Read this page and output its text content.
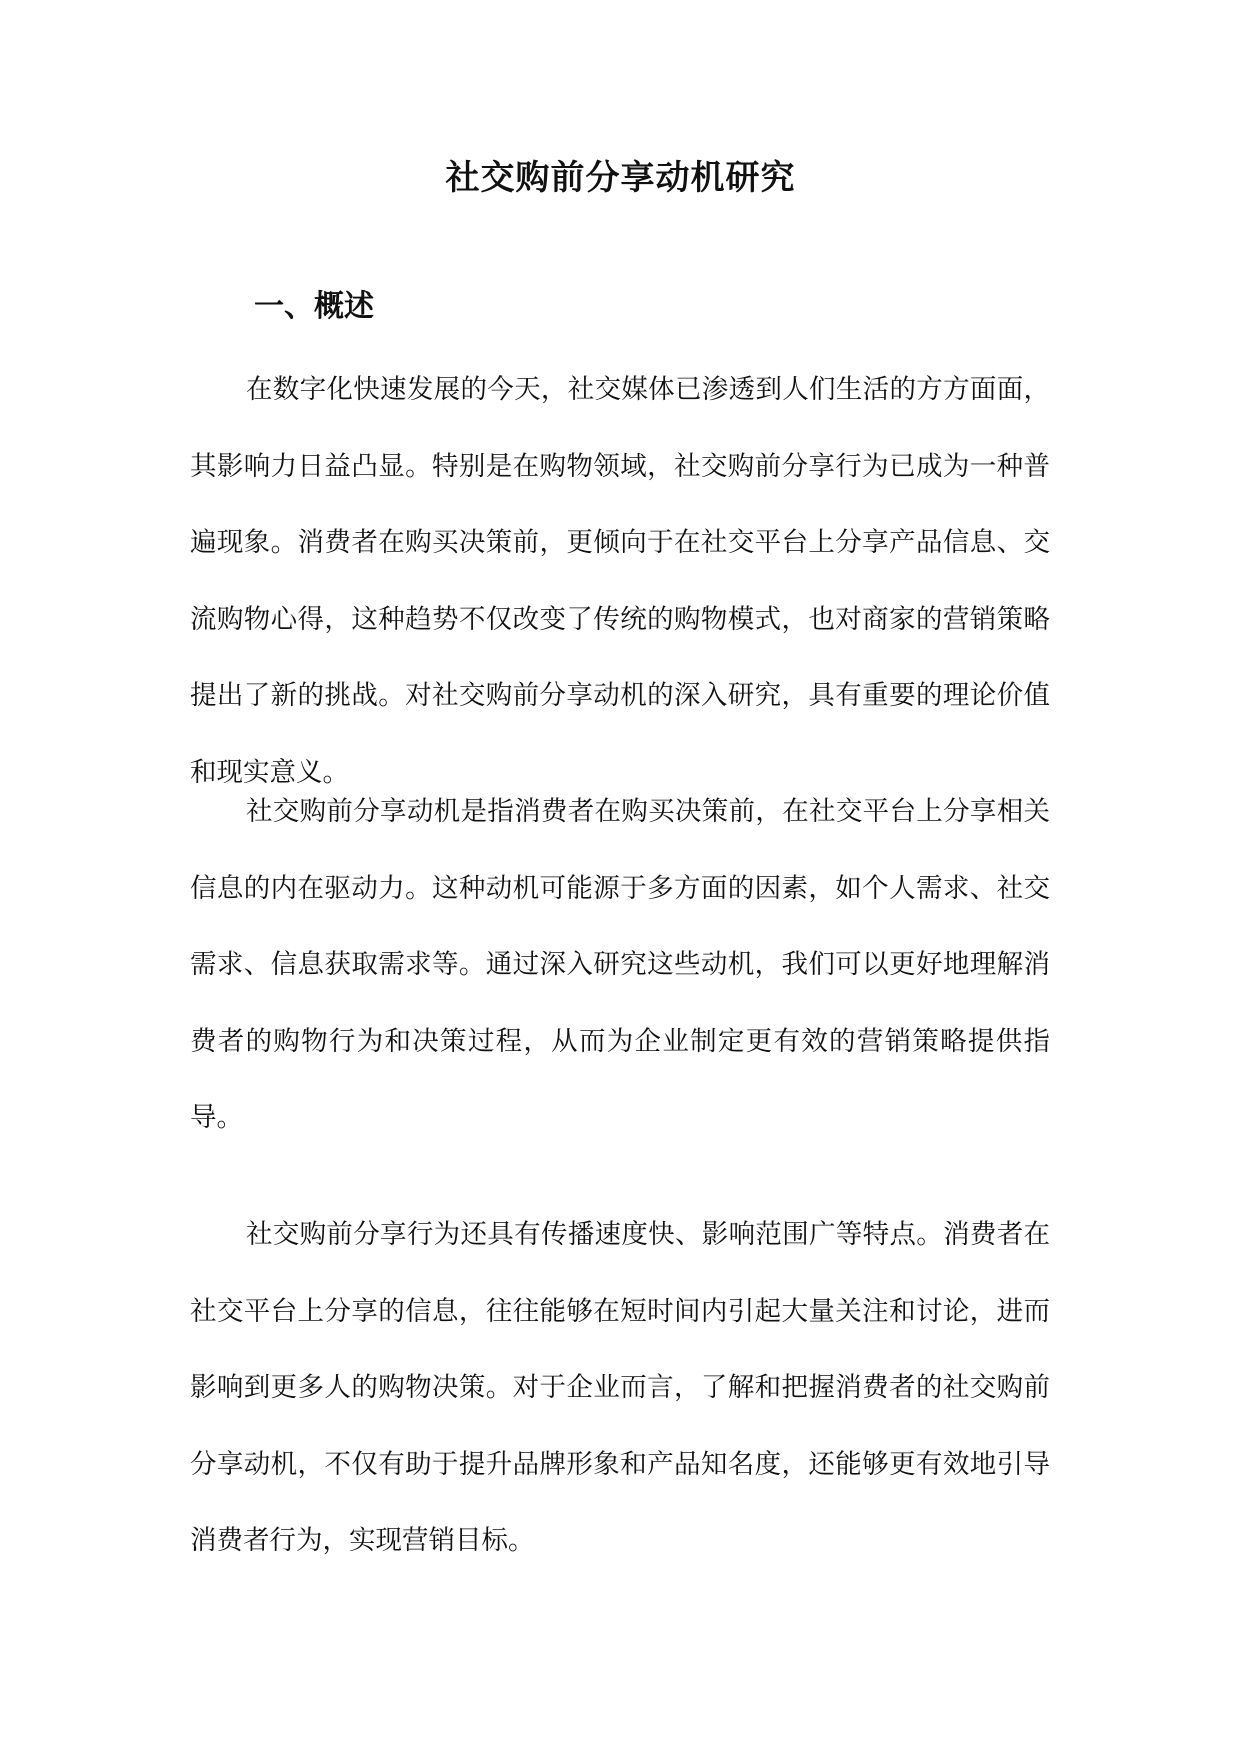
社交购前分享动机研究
一、概述

在数字化快速发展的今天，社交媒体已渗透到人们生活的方方面面，其影响力日益凸显。特别是在购物领域，社交购前分享行为已成为一种普遍现象。消费者在购买决策前，更倾向于在社交平台上分享产品信息、交流购物心得，这种趋势不仅改变了传统的购物模式，也对商家的营销策略提出了新的挑战。对社交购前分享动机的深入研究，具有重要的理论价值和现实意义。

社交购前分享动机是指消费者在购买决策前，在社交平台上分享相关信息的内在驱动力。这种动机可能源于多方面的因素，如个人需求、社交需求、信息获取需求等。通过深入研究这些动机，我们可以更好地理解消费者的购物行为和决策过程，从而为企业制定更有效的营销策略提供指导。

社交购前分享行为还具有传播速度快、影响范围广等特点。消费者在社交平台上分享的信息，往往能够在短时间内引起大量关注和讨论，进而影响到更多人的购物决策。对于企业而言，了解和把握消费者的社交购前分享动机，不仅有助于提升品牌形象和产品知名度，还能够更有效地引导消费者行为，实现营销目标。
